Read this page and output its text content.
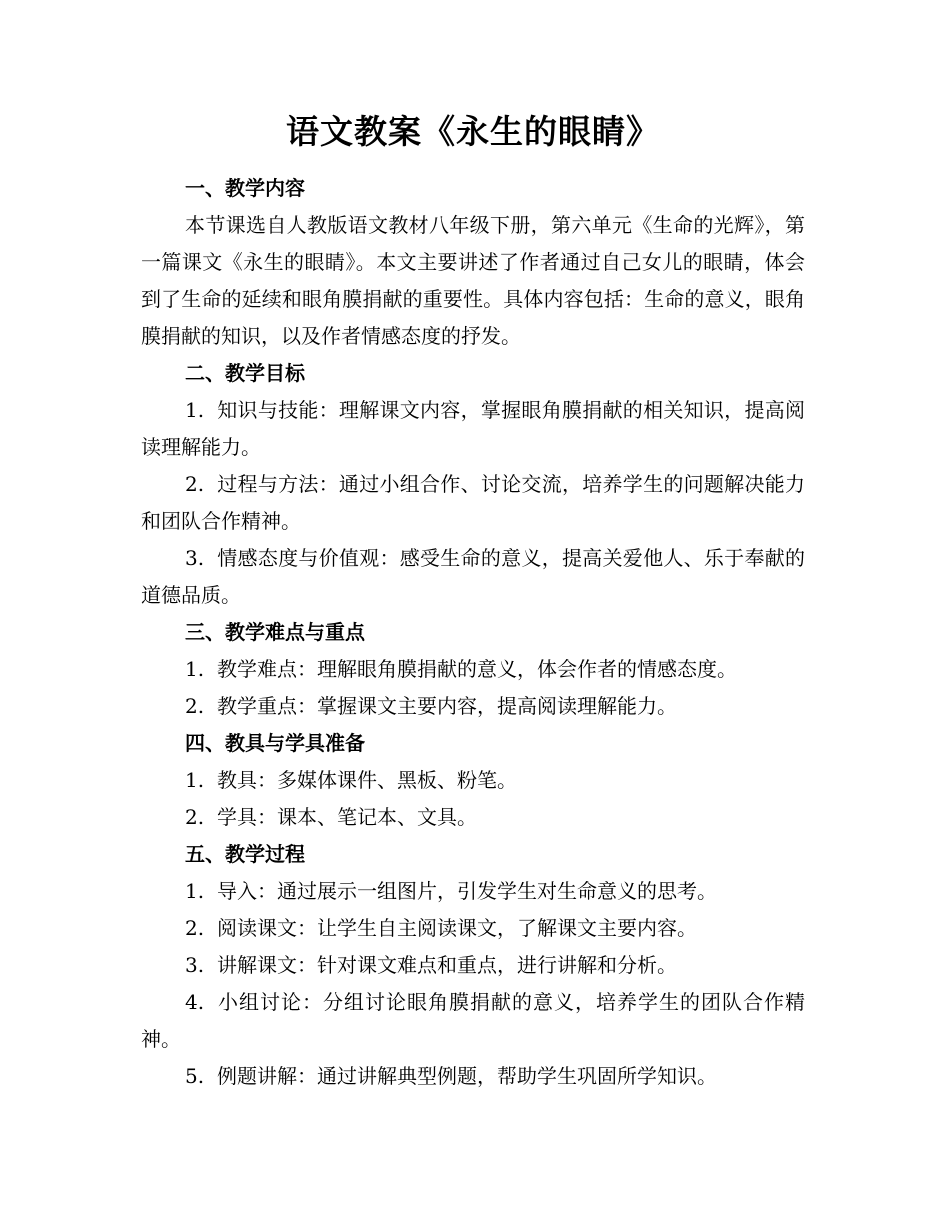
语文教案《永生的眼睛》

一、教学内容

本节课选自人教版语文教材八年级下册，第六单元《生命的光辉》，第一篇课文《永生的眼睛》。本文主要讲述了作者通过自己女儿的眼睛，体会到了生命的延续和眼角膜捐献的重要性。具体内容包括：生命的意义，眼角膜捐献的知识，以及作者情感态度的抒发。

二、教学目标

1. 知识与技能：理解课文内容，掌握眼角膜捐献的相关知识，提高阅读理解能力。

2. 过程与方法：通过小组合作、讨论交流，培养学生的问题解决能力和团队合作精神。

3. 情感态度与价值观：感受生命的意义，提高关爱他人、乐于奉献的道德品质。

三、教学难点与重点

1. 教学难点：理解眼角膜捐献的意义，体会作者的情感态度。

2. 教学重点：掌握课文主要内容，提高阅读理解能力。

四、教具与学具准备

1. 教具：多媒体课件、黑板、粉笔。

2. 学具：课本、笔记本、文具。

五、教学过程

1. 导入：通过展示一组图片，引发学生对生命意义的思考。

2. 阅读课文：让学生自主阅读课文，了解课文主要内容。

3. 讲解课文：针对课文难点和重点，进行讲解和分析。

4. 小组讨论：分组讨论眼角膜捐献的意义，培养学生的团队合作精神。

5. 例题讲解：通过讲解典型例题，帮助学生巩固所学知识。
